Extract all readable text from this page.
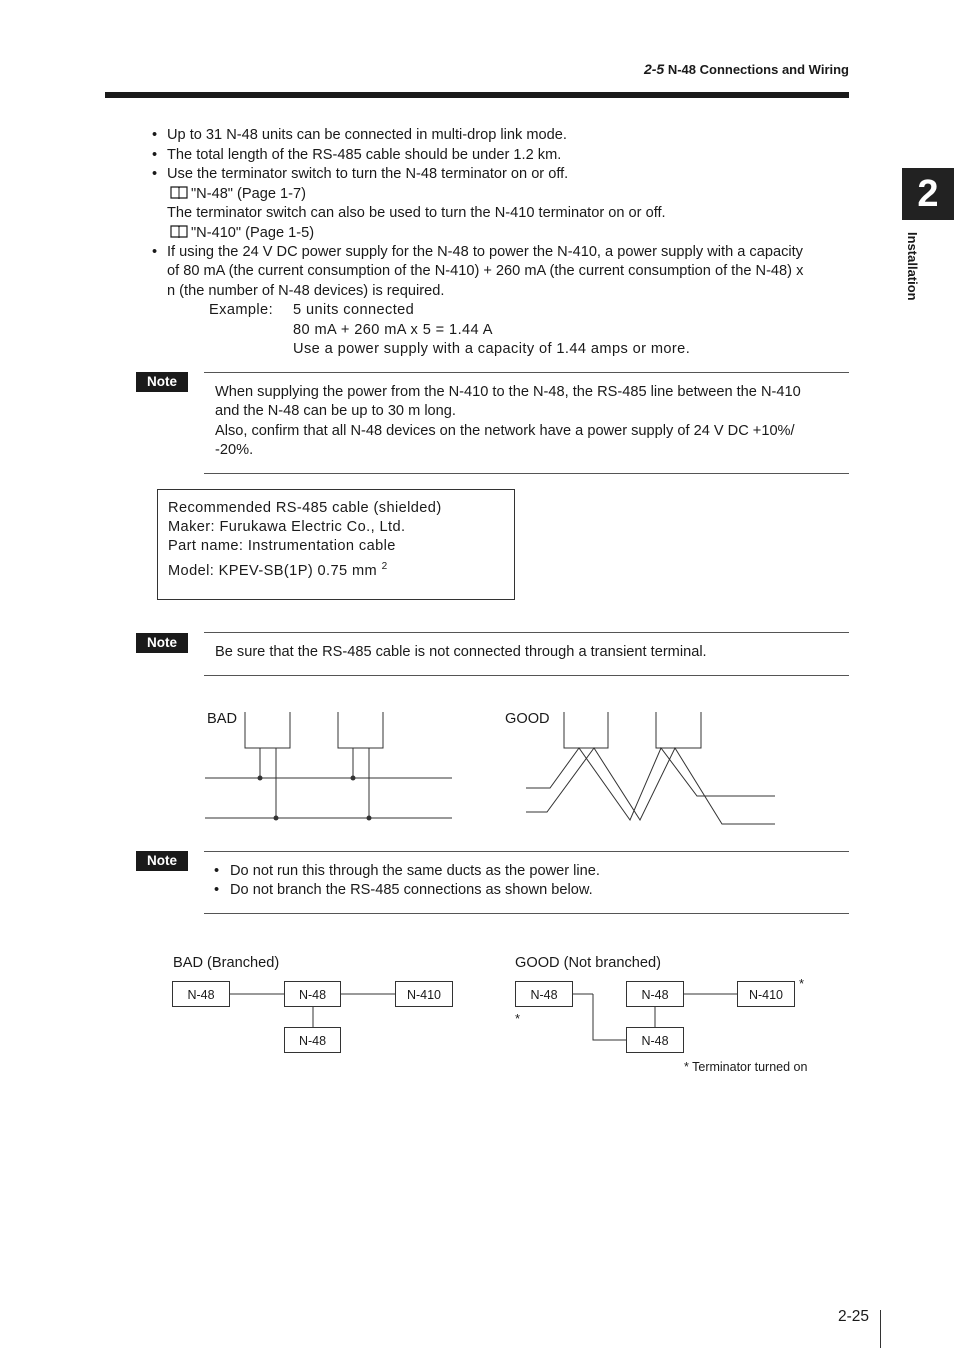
2-5 N-48 Connections and Wiring
2
Installation
• Up to 31 N-48 units can be connected in multi-drop link mode.
• The total length of the RS-485 cable should be under 1.2 km.
• Use the terminator switch to turn the N-48 terminator on or off.
"N-48" (Page 1-7)
The terminator switch can also be used to turn the N-410 terminator on or off.
"N-410" (Page 1-5)
• If using the 24 V DC power supply for the N-48 to power the N-410, a power supply with a capacity
of 80 mA (the current consumption of the N-410) + 260 mA (the current consumption of the N-48) x
n (the number of N-48 devices) is required.
Example: 5 units connected
80 mA + 260 mA x 5 = 1.44 A
Use a power supply with a capacity of 1.44 amps or more.
Note
When supplying the power from the N-410 to the N-48, the RS-485 line between the N-410
and the N-48 can be up to 30 m long.
Also, confirm that all N-48 devices on the network have a power supply of 24 V DC +10%/
-20%.
Recommended RS-485 cable (shielded)
Maker: Furukawa Electric Co., Ltd.
Part name: Instrumentation cable
Model: KPEV-SB(1P) 0.75 mm $^2$
Note
Be sure that the RS-485 cable is not connected through a transient terminal.
BAD	GOOD
Note
• Do not run this through the same ducts as the power line.
• Do not branch the RS-485 connections as shown below.
BAD (Branched)	GOOD (Not branched)
N-48	N-48	N-410
N-48
N-48	N-48	N-410
N-48
*
*
* Terminator turned on
2-25
